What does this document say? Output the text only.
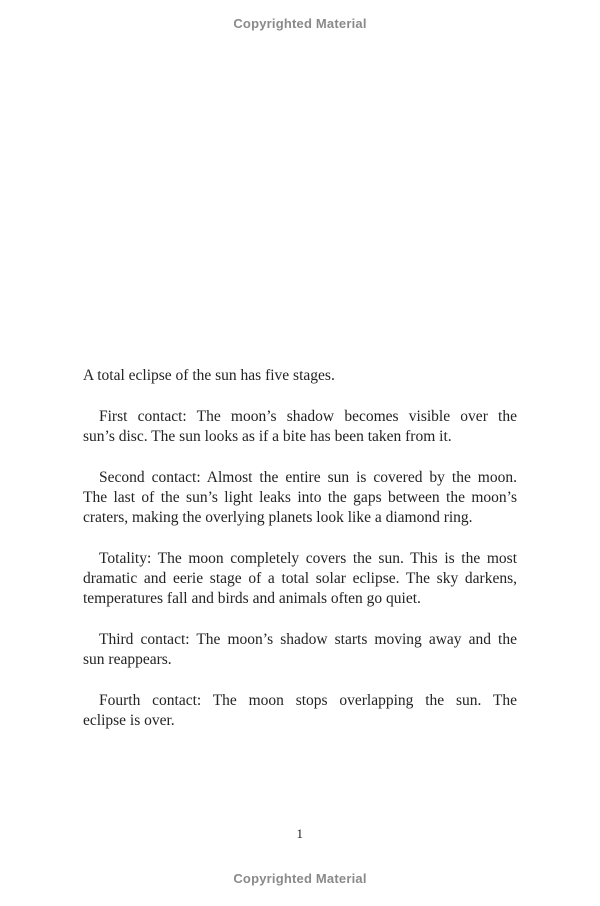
Copyrighted Material
A total eclipse of the sun has five stages.
First contact: The moon’s shadow becomes visible over the
sun’s disc. The sun looks as if a bite has been taken from it.
Second contact: Almost the entire sun is covered by the moon.
The last of the sun’s light leaks into the gaps between the moon’s
craters, making the overlying planets look like a diamond ring.
Totality: The moon completely covers the sun. This is the most
dramatic and eerie stage of a total solar eclipse. The sky darkens,
temperatures fall and birds and animals often go quiet.
Third contact: The moon’s shadow starts moving away and the
sun reappears.
Fourth contact: The moon stops overlapping the sun. The
eclipse is over.
1
Copyrighted Material
